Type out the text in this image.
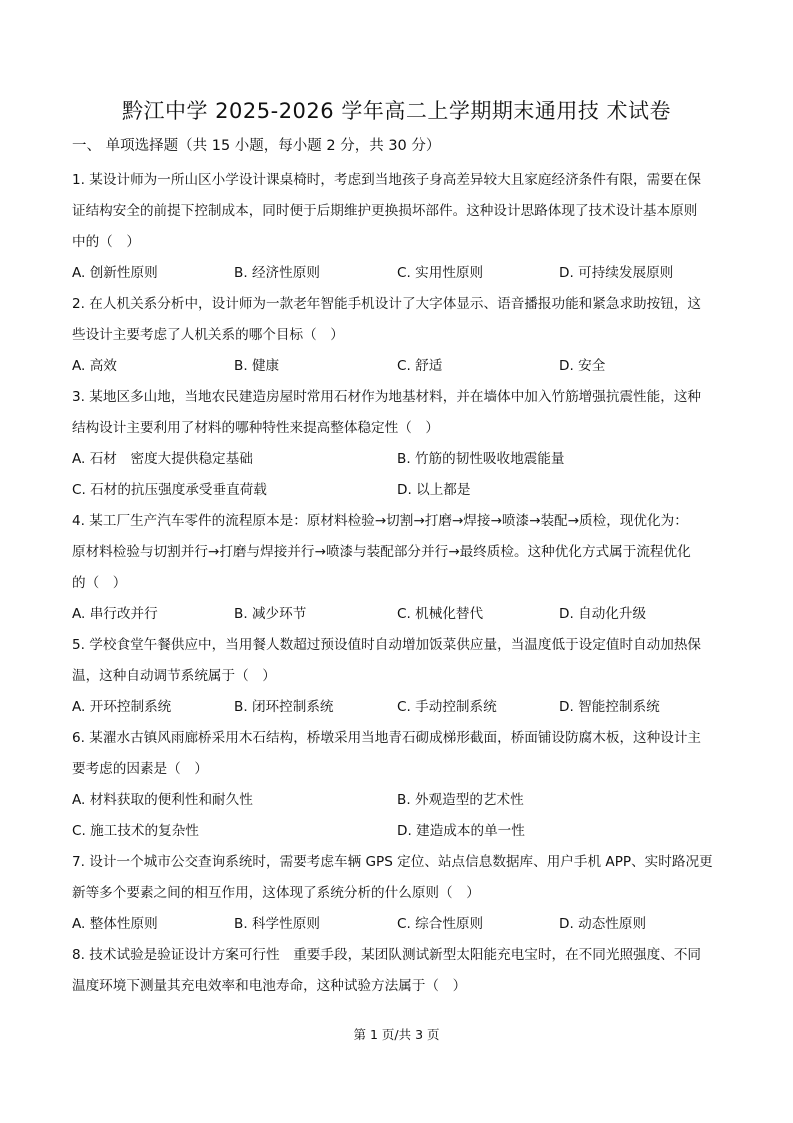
黔江中学 2025-2026 学年高二上学期期末通用技 术试卷
一、 单项选择题（共 15 小题，每小题 2 分，共 30 分）
1. 某设计师为一所山区小学设计课桌椅时，考虑到当地孩子身高差异较大且家庭经济条件有限，需要在保
证结构安全的前提下控制成本，同时便于后期维护更换损坏部件。这种设计思路体现了技术设计基本原则
中的（　）
A. 创新性原则	B. 经济性原则	C. 实用性原则	D. 可持续发展原则
2. 在人机关系分析中，设计师为一款老年智能手机设计了大字体显示、语音播报功能和紧急求助按钮，这
些设计主要考虑了人机关系的哪个目标（　）
A. 高效	B. 健康	C. 舒适	D. 安全
3. 某地区多山地，当地农民建造房屋时常用石材作为地基材料，并在墙体中加入竹筋增强抗震性能，这种
结构设计主要利用了材料的哪种特性来提高整体稳定性（　）
A. 石材　密度大提供稳定基础	B. 竹筋的韧性吸收地震能量
C. 石材的抗压强度承受垂直荷载	D. 以上都是
4. 某工厂生产汽车零件的流程原本是：原材料检验→切割→打磨→焊接→喷漆→装配→质检，现优化为：
原材料检验与切割并行→打磨与焊接并行→喷漆与装配部分并行→最终质检。这种优化方式属于流程优化
的（　）
A. 串行改并行	B. 减少环节	C. 机械化替代	D. 自动化升级
5. 学校食堂午餐供应中，当用餐人数超过预设值时自动增加饭菜供应量，当温度低于设定值时自动加热保
温，这种自动调节系统属于（　）
A. 开环控制系统	B. 闭环控制系统	C. 手动控制系统	D. 智能控制系统
6. 某濯水古镇风雨廊桥采用木石结构，桥墩采用当地青石砌成梯形截面，桥面铺设防腐木板，这种设计主
要考虑的因素是（　）
A. 材料获取的便利性和耐久性	B. 外观造型的艺术性
C. 施工技术的复杂性	D. 建造成本的单一性
7. 设计一个城市公交查询系统时，需要考虑车辆 GPS 定位、站点信息数据库、用户手机 APP、实时路况更
新等多个要素之间的相互作用，这体现了系统分析的什么原则（　）
A. 整体性原则	B. 科学性原则	C. 综合性原则	D. 动态性原则
8. 技术试验是验证设计方案可行性　重要手段，某团队测试新型太阳能充电宝时，在不同光照强度、不同
温度环境下测量其充电效率和电池寿命，这种试验方法属于（　）
第 1 页/共 3 页
